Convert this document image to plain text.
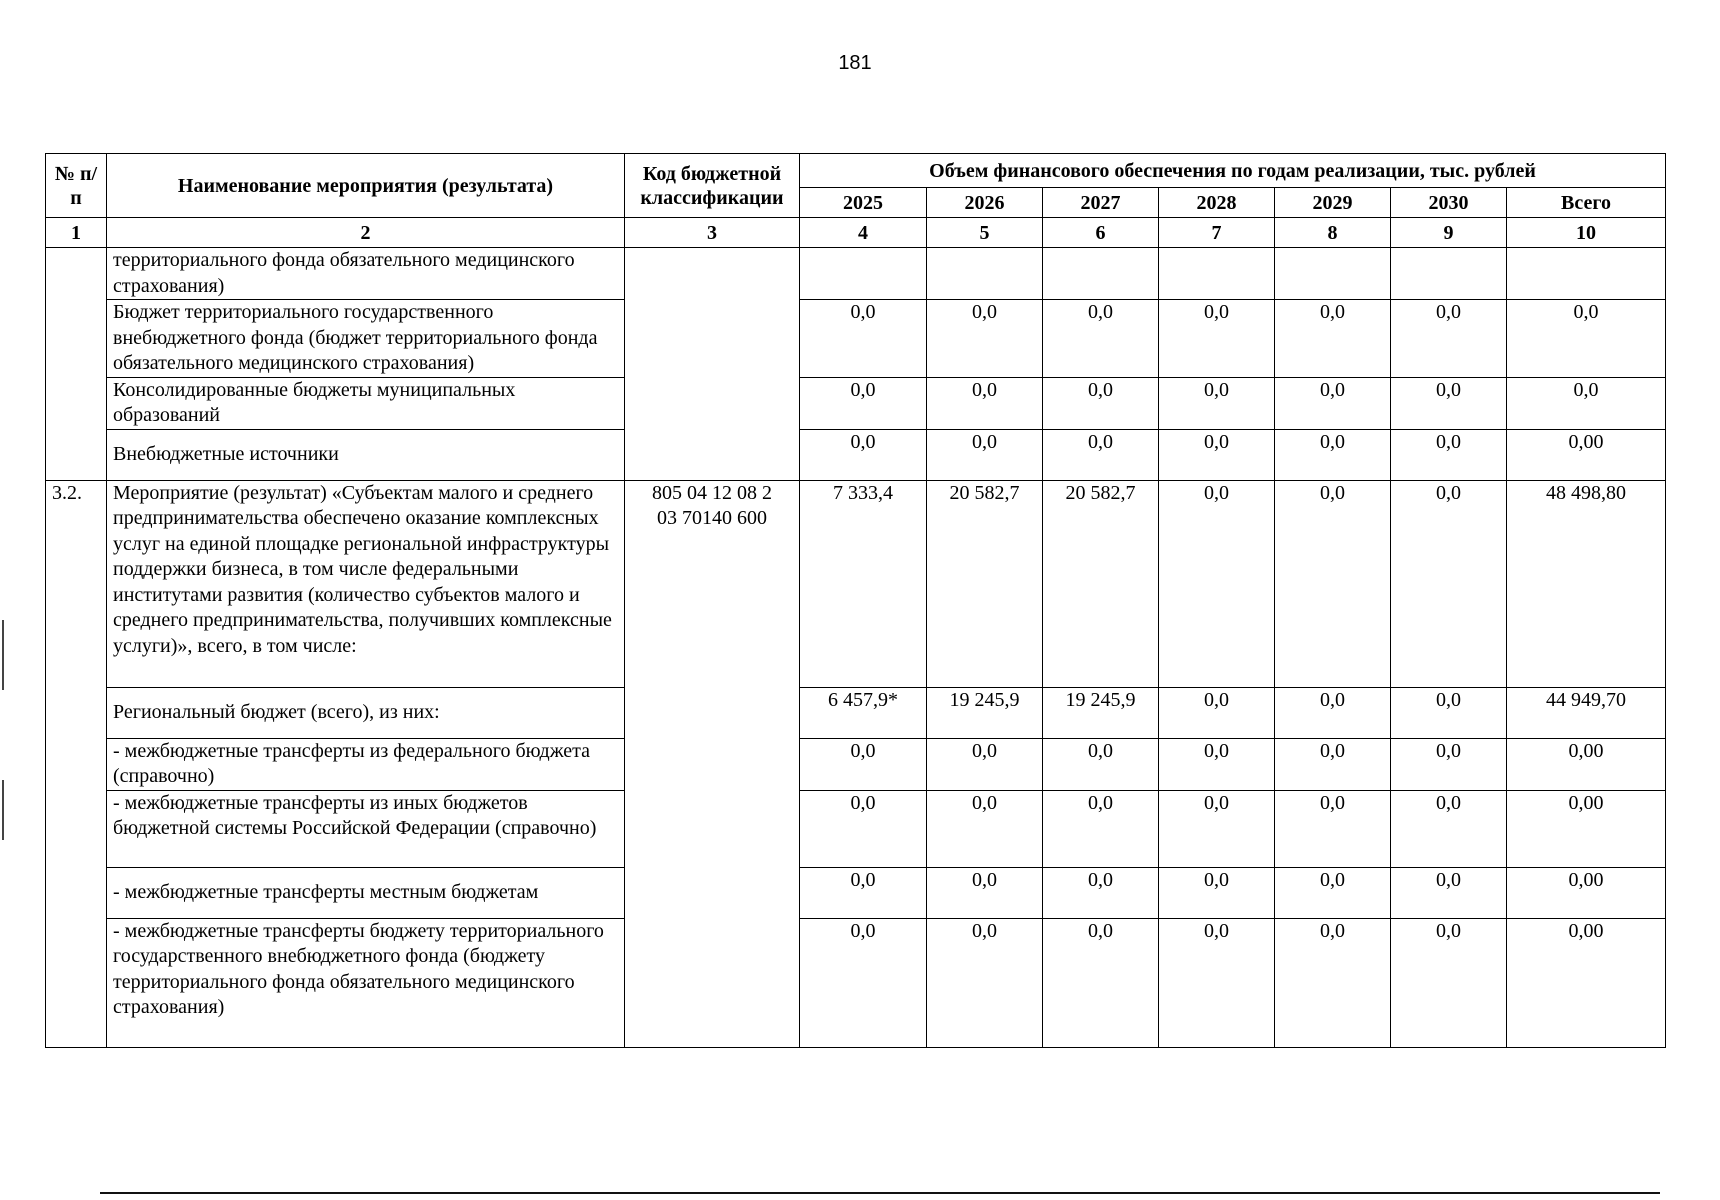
181
№ п/п	Наименование мероприятия (результата)	Код бюджетной классификации	Объем финансового обеспечения по годам реализации, тыс. рублей						
			2025	2026	2027	2028	2029	2030	Всего
1	2	3	4	5	6	7	8	9	10
	территориального фонда обязательного медицинского страхования)								
	Бюджет территориального государственного внебюджетного фонда (бюджет территориального фонда обязательного медицинского страхования)		0,0	0,0	0,0	0,0	0,0	0,0	0,0
	Консолидированные бюджеты муниципальных образований		0,0	0,0	0,0	0,0	0,0	0,0	0,0
	Внебюджетные источники		0,0	0,0	0,0	0,0	0,0	0,0	0,00
3.2.	Мероприятие (результат) «Субъектам малого и среднего предпринимательства обеспечено оказание комплексных услуг на единой площадке региональной инфраструктуры поддержки бизнеса, в том числе федеральными институтами развития (количество субъектов малого и среднего предпринимательства, получивших комплексные услуги)», всего, в том числе:	805 04 12 08 2 03 70140 600	7 333,4	20 582,7	20 582,7	0,0	0,0	0,0	48 498,80
	Региональный бюджет (всего), из них:		6 457,9*	19 245,9	19 245,9	0,0	0,0	0,0	44 949,70
	- межбюджетные трансферты из федерального бюджета (справочно)		0,0	0,0	0,0	0,0	0,0	0,0	0,00
	- межбюджетные трансферты из иных бюджетов бюджетной системы Российской Федерации (справочно)		0,0	0,0	0,0	0,0	0,0	0,0	0,00
	- межбюджетные трансферты местным бюджетам		0,0	0,0	0,0	0,0	0,0	0,0	0,00
	- межбюджетные трансферты бюджету территориального государственного внебюджетного фонда (бюджету территориального фонда обязательного медицинского страхования)		0,0	0,0	0,0	0,0	0,0	0,0	0,00
